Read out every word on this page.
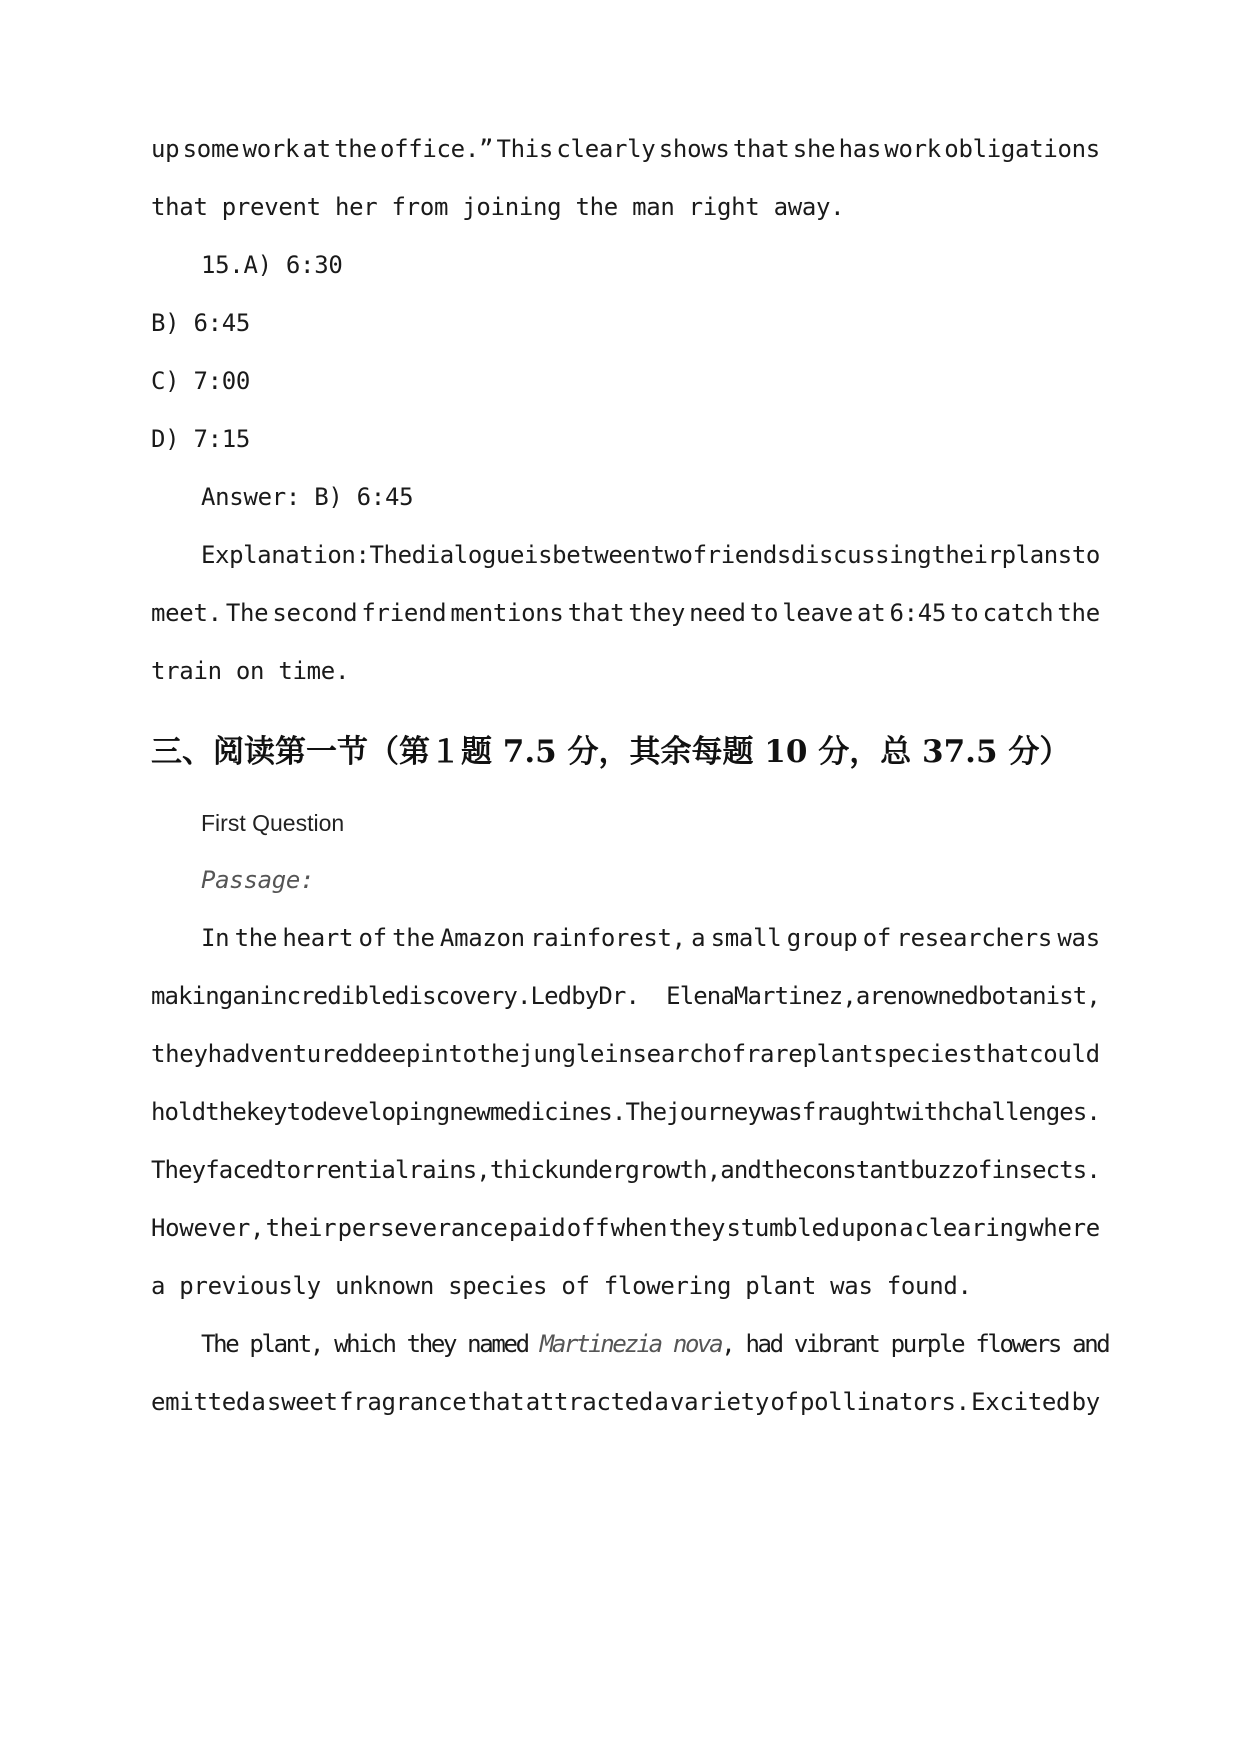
up some work at the office.” This clearly shows that she has work obligations
that prevent her from joining the man right away.
15.A) 6:30
B) 6:45
C) 7:00
D) 7:15
Answer: B) 6:45
Explanation: The dialogue is between two friends discussing their plans to
meet. The second friend mentions that they need to leave at 6:45 to catch the
train on time.
三、阅读第一节（第１题 7.5 分，其余每题 10 分，总 37.5 分）
First Question
Passage:
In the heart of the Amazon rainforest, a small group of researchers was
making an incredible discovery. Led by Dr. Elena Martinez, a renowned botanist,
they had ventured deep into the jungle in search of rare plant species that could
hold the key to developing new medicines. The journey was fraught with challenges.
They faced torrential rains, thick undergrowth, and the constant buzz of insects.
However, their perseverance paid off when they stumbled upon a clearing where
a previously unknown species of flowering plant was found.
The plant, which they named Martinezia nova, had vibrant purple flowers and
emitted a sweet fragrance that attracted a variety of pollinators. Excited by
